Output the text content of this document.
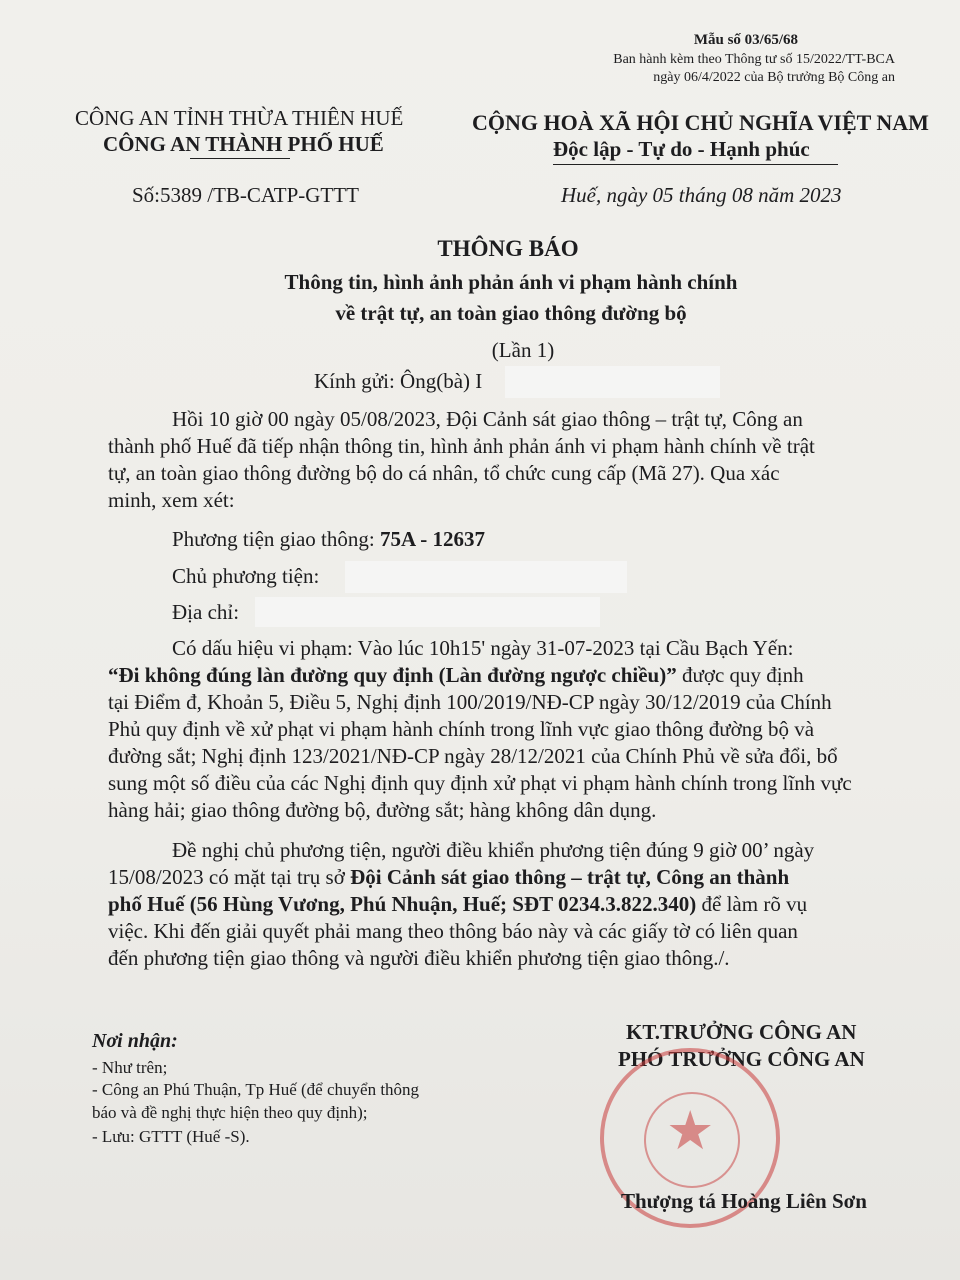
Mẫu số 03/65/68
Ban hành kèm theo Thông tư số 15/2022/TT-BCA
ngày 06/4/2022 của Bộ trưởng Bộ Công an
CÔNG AN TỈNH THỪA THIÊN HUẾ
CÔNG AN THÀNH PHỐ HUẾ
CỘNG HOÀ XÃ HỘI CHỦ NGHĨA VIỆT NAM
Độc lập - Tự do - Hạnh phúc
Số:5389 /TB-CATP-GTTT	Huế, ngày 05 tháng 08 năm 2023
THÔNG BÁO
Thông tin, hình ảnh phản ánh vi phạm hành chính
về trật tự, an toàn giao thông đường bộ
(Lần 1)
Kính gửi: Ông(bà) I
Hồi 10 giờ 00 ngày 05/08/2023, Đội Cảnh sát giao thông – trật tự, Công an
thành phố Huế đã tiếp nhận thông tin, hình ảnh phản ánh vi phạm hành chính về trật
tự, an toàn giao thông đường bộ do cá nhân, tổ chức cung cấp (Mã 27). Qua xác
minh, xem xét:
Phương tiện giao thông: 75A - 12637
Chủ phương tiện:
Địa chỉ:
Có dấu hiệu vi phạm: Vào lúc 10h15' ngày 31-07-2023 tại Cầu Bạch Yến:
“Đi không đúng làn đường quy định (Làn đường ngược chiều)” được quy định
tại Điểm đ, Khoản 5, Điều 5, Nghị định 100/2019/NĐ-CP ngày 30/12/2019 của Chính
Phủ quy định về xử phạt vi phạm hành chính trong lĩnh vực giao thông đường bộ và
đường sắt; Nghị định 123/2021/NĐ-CP ngày 28/12/2021 của Chính Phủ về sửa đổi, bổ
sung một số điều của các Nghị định quy định xử phạt vi phạm hành chính trong lĩnh vực
hàng hải; giao thông đường bộ, đường sắt; hàng không dân dụng.
Đề nghị chủ phương tiện, người điều khiển phương tiện đúng 9 giờ 00’ ngày
15/08/2023 có mặt tại trụ sở Đội Cảnh sát giao thông – trật tự, Công an thành
phố Huế (56 Hùng Vương, Phú Nhuận, Huế; SĐT 0234.3.822.340) để làm rõ vụ
việc. Khi đến giải quyết phải mang theo thông báo này và các giấy tờ có liên quan
đến phương tiện giao thông và người điều khiển phương tiện giao thông./.
Nơi nhận:
- Như trên;
- Công an Phú Thuận, Tp Huế (để chuyển thông
báo và đề nghị thực hiện theo quy định);
- Lưu: GTTT (Huế -S).
KT.TRƯỞNG CÔNG AN
PHÓ TRƯỞNG CÔNG AN
★
Thượng tá Hoàng Liên Sơn
